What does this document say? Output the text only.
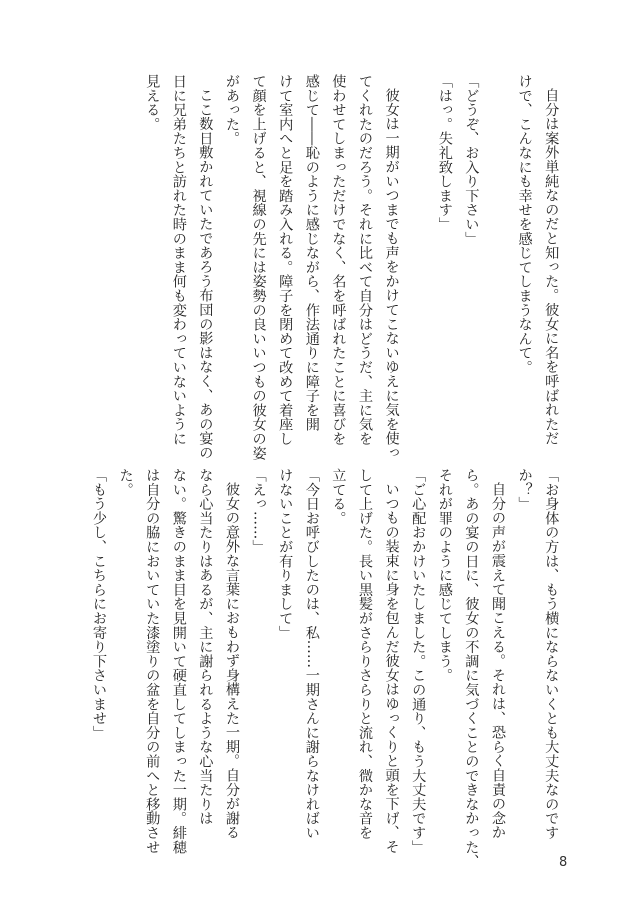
自分は案外単純なのだと知った。彼女に名を呼ばれただ
けで、こんなにも幸せを感じてしまうなんて。
「どうぞ、お入り下さい」
「はっ。失礼致します」
彼女は一期がいつまでも声をかけてこないゆえに気を使っ
てくれたのだろう。それに比べて自分はどうだ、主に気を
使わせてしまっただけでなく、名を呼ばれたことに喜びを
感じて――恥のように感じながら、作法通りに障子を開
けて室内へと足を踏み入れる。障子を閉めて改めて着座し
て顔を上げると、視線の先には姿勢の良いいつもの彼女の姿
があった。
ここ数日敷かれていたであろう布団の影はなく、あの宴の
日に兄弟たちと訪れた時のまま何も変わっていないように
見える。
「お身体の方は、もう横にならないくとも大丈夫なのです
か？」
自分の声が震えて聞こえる。それは、恐らく自責の念か
ら。あの宴の日に、彼女の不調に気づくことのできなかった、
それが罪のように感じてしまう。
「ご心配おかけいたしました。この通り、もう大丈夫です」
いつもの装束に身を包んだ彼女はゆっくりと頭を下げ、そ
して上げた。長い黒髪がさらりさらりと流れ、微かな音を
立てる。
「今日お呼びしたのは、私……一期さんに謝らなければい
けないことが有りまして」
「えっ……」
彼女の意外な言葉におもわず身構えた一期。自分が謝る
なら心当たりはあるが、主に謝られるような心当たりは
ない。驚きのまま目を見開いて硬直してしまった一期。緋穂
は自分の脇においていた漆塗りの盆を自分の前へと移動させ
た。
「もう少し、こちらにお寄り下さいませ」
8
